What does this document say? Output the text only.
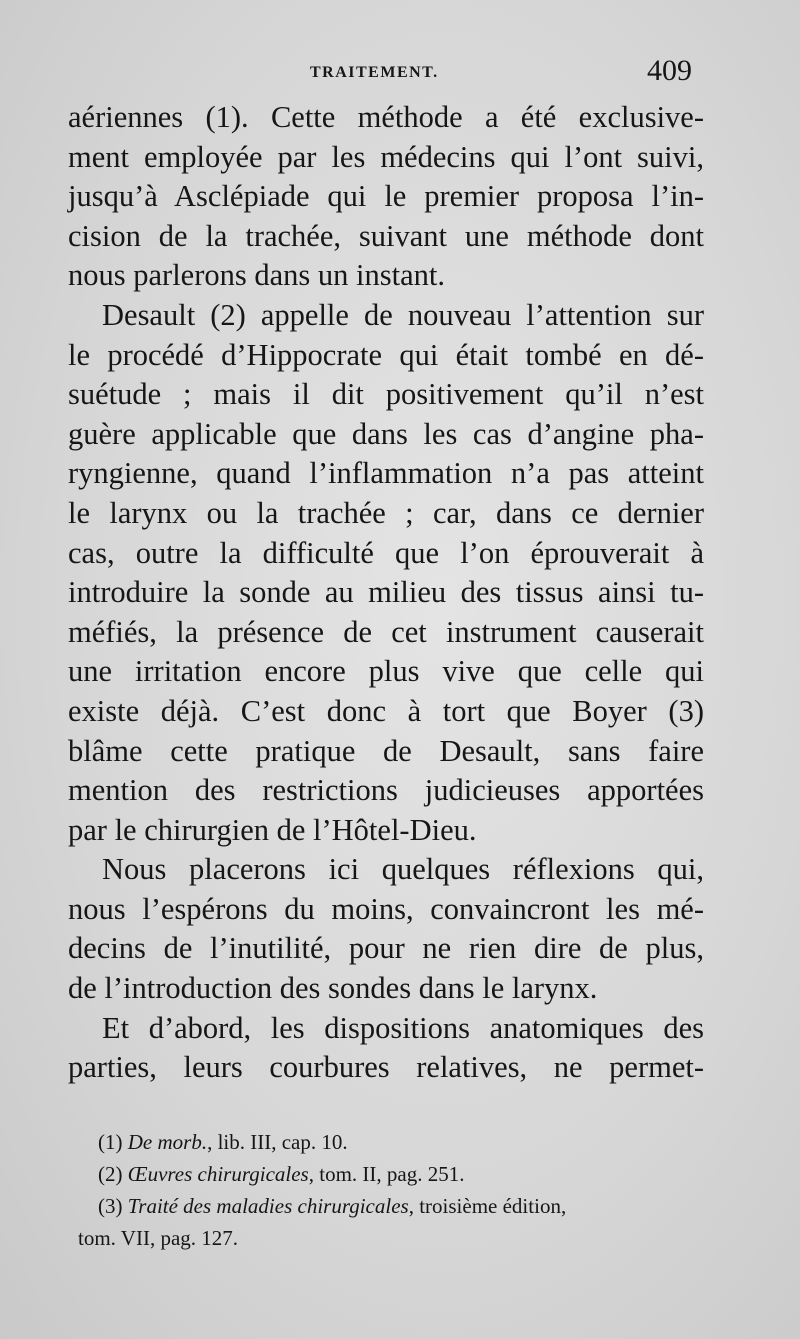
TRAITEMENT.	409
aériennes (1). Cette méthode a été exclusive-
ment employée par les médecins qui l’ont suivi,
jusqu’à Asclépiade qui le premier proposa l’in-
cision de la trachée, suivant une méthode dont
nous parlerons dans un instant.
Desault (2) appelle de nouveau l’attention sur
le procédé d’Hippocrate qui était tombé en dé-
suétude ; mais il dit positivement qu’il n’est
guère applicable que dans les cas d’angine pha-
ryngienne, quand l’inflammation n’a pas atteint
le larynx ou la trachée ; car, dans ce dernier
cas, outre la difficulté que l’on éprouverait à
introduire la sonde au milieu des tissus ainsi tu-
méfiés, la présence de cet instrument causerait
une irritation encore plus vive que celle qui
existe déjà. C’est donc à tort que Boyer (3)
blâme cette pratique de Desault, sans faire
mention des restrictions judicieuses apportées
par le chirurgien de l’Hôtel-Dieu.
Nous placerons ici quelques réflexions qui,
nous l’espérons du moins, convaincront les mé-
decins de l’inutilité, pour ne rien dire de plus,
de l’introduction des sondes dans le larynx.
Et d’abord, les dispositions anatomiques des
parties, leurs courbures relatives, ne permet-
(1) De morb., lib. III, cap. 10.
(2) Œuvres chirurgicales, tom. II, pag. 251.
(3) Traité des maladies chirurgicales, troisième édition,
tom. VII, pag. 127.
